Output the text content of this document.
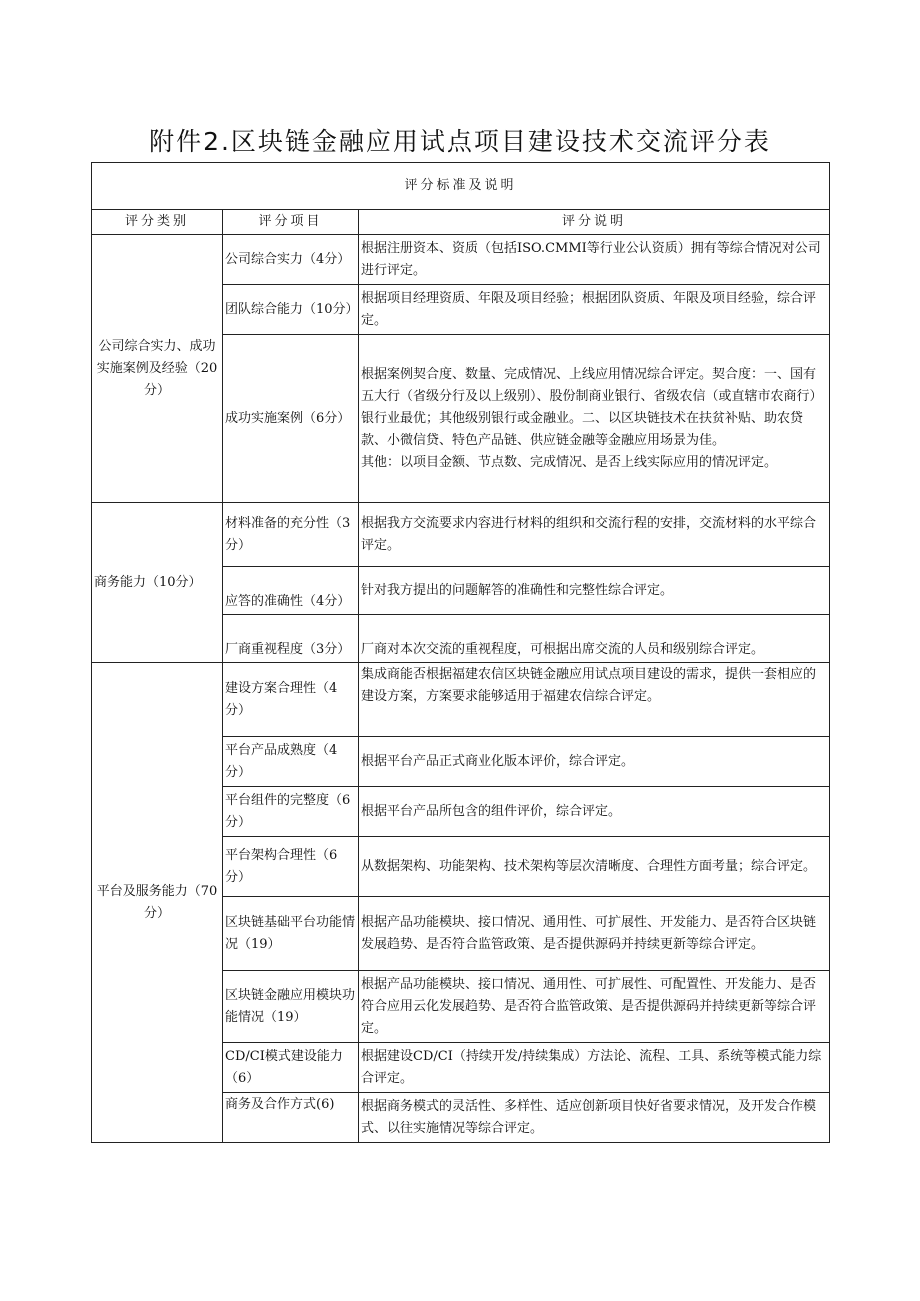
附件2.区块链金融应用试点项目建设技术交流评分表
评分标准及说明		
评分类别	评分项目	评分说明
公司综合实力、成功实施案例及经验（20分）	公司综合实力（4分）	根据注册资本、资质（包括ISO.CMMI等行业公认资质）拥有等综合情况对公司进行评定。
	团队综合能力（10分）	根据项目经理资质、年限及项目经验；根据团队资质、年限及项目经验，综合评定。
	成功实施案例（6分）	根据案例契合度、数量、完成情况、上线应用情况综合评定。契合度：一、国有五大行（省级分行及以上级别）、股份制商业银行、省级农信（或直辖市农商行）银行业最优；其他级别银行或金融业。二、以区块链技术在扶贫补贴、助农贷款、小微信贷、特色产品链、供应链金融等金融应用场景为佳。
其他：以项目金额、节点数、完成情况、是否上线实际应用的情况评定。

商务能力（10分）	材料准备的充分性（3分）	根据我方交流要求内容进行材料的组织和交流行程的安排，交流材料的水平综合评定。
	应答的准确性（4分）	针对我方提出的问题解答的准确性和完整性综合评定。
	厂商重视程度（3分）	厂商对本次交流的重视程度，可根据出席交流的人员和级别综合评定。
平台及服务能力（70分）	建设方案合理性（4分）	集成商能否根据福建农信区块链金融应用试点项目建设的需求，提供一套相应的建设方案，方案要求能够适用于福建农信综合评定。
	平台产品成熟度（4分）	根据平台产品正式商业化版本评价，综合评定。
	平台组件的完整度（6分）	根据平台产品所包含的组件评价，综合评定。
	平台架构合理性（6分）	从数据架构、功能架构、技术架构等层次清晰度、合理性方面考量；综合评定。
	区块链基础平台功能情况（19）	根据产品功能模块、接口情况、通用性、可扩展性、开发能力、是否符合区块链发展趋势、是否符合监管政策、是否提供源码并持续更新等综合评定。
	区块链金融应用模块功能情况（19）	根据产品功能模块、接口情况、通用性、可扩展性、可配置性、开发能力、是否符合应用云化发展趋势、是否符合监管政策、是否提供源码并持续更新等综合评定。
	CD/CI模式建设能力（6）	根据建设CD/CI（持续开发/持续集成）方法论、流程、工具、系统等模式能力综合评定。
	商务及合作方式(6)	根据商务模式的灵活性、多样性、适应创新项目快好省要求情况，及开发合作模式、以往实施情况等综合评定。
